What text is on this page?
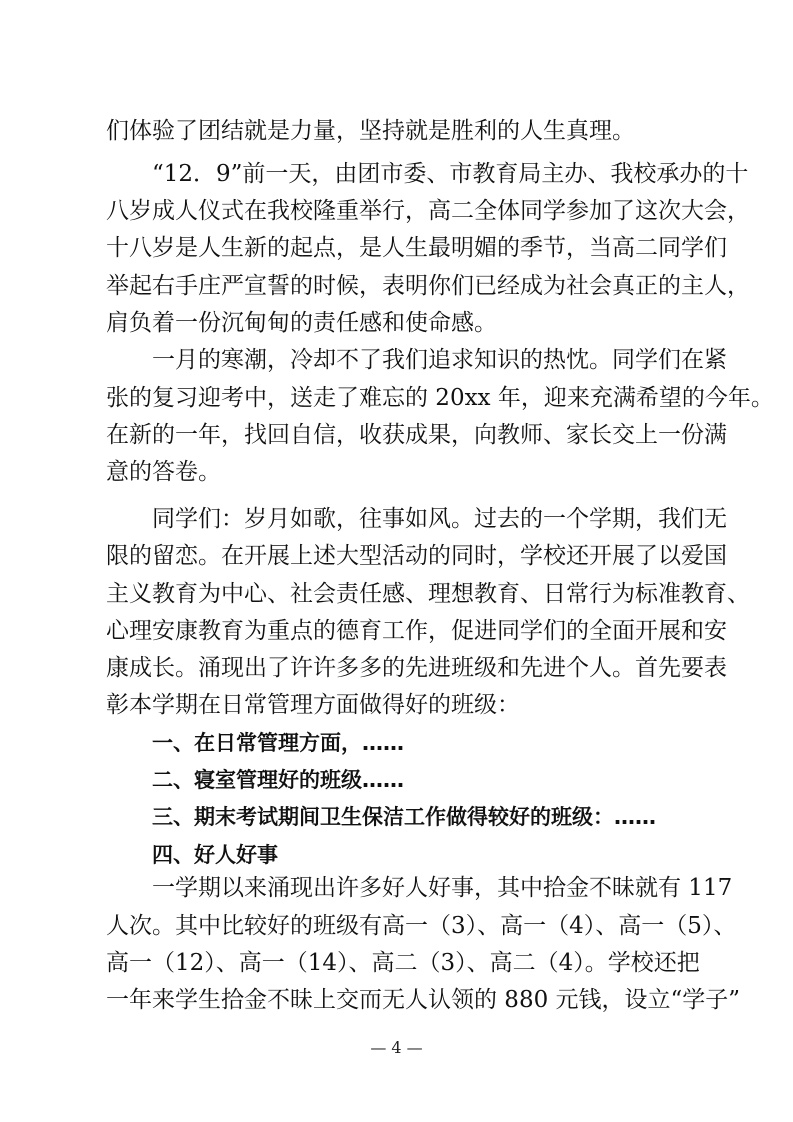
们体验了团结就是力量，坚持就是胜利的人生真理。
“12．9”前一天，由团市委、市教育局主办、我校承办的十
八岁成人仪式在我校隆重举行，高二全体同学参加了这次大会，
十八岁是人生新的起点，是人生最明媚的季节，当高二同学们
举起右手庄严宣誓的时候，表明你们已经成为社会真正的主人，
肩负着一份沉甸甸的责任感和使命感。
一月的寒潮，冷却不了我们追求知识的热忱。同学们在紧
张的复习迎考中，送走了难忘的 20xx 年，迎来充满希望的今年。
在新的一年，找回自信，收获成果，向教师、家长交上一份满
意的答卷。
同学们：岁月如歌，往事如风。过去的一个学期，我们无
限的留恋。在开展上述大型活动的同时，学校还开展了以爱国
主义教育为中心、社会责任感、理想教育、日常行为标准教育、
心理安康教育为重点的德育工作，促进同学们的全面开展和安
康成长。涌现出了许许多多的先进班级和先进个人。首先要表
彰本学期在日常管理方面做得好的班级：
一、在日常管理方面，……
二、寝室管理好的班级……
三、期末考试期间卫生保洁工作做得较好的班级：……
四、好人好事
一学期以来涌现出许多好人好事，其中拾金不昧就有 117
人次。其中比较好的班级有高一（3）、高一（4）、高一（5）、
高一（12）、高一（14）、高二（3）、高二（4）。学校还把
一年来学生拾金不昧上交而无人认领的 880 元钱，设立“学子”
— 4 —
